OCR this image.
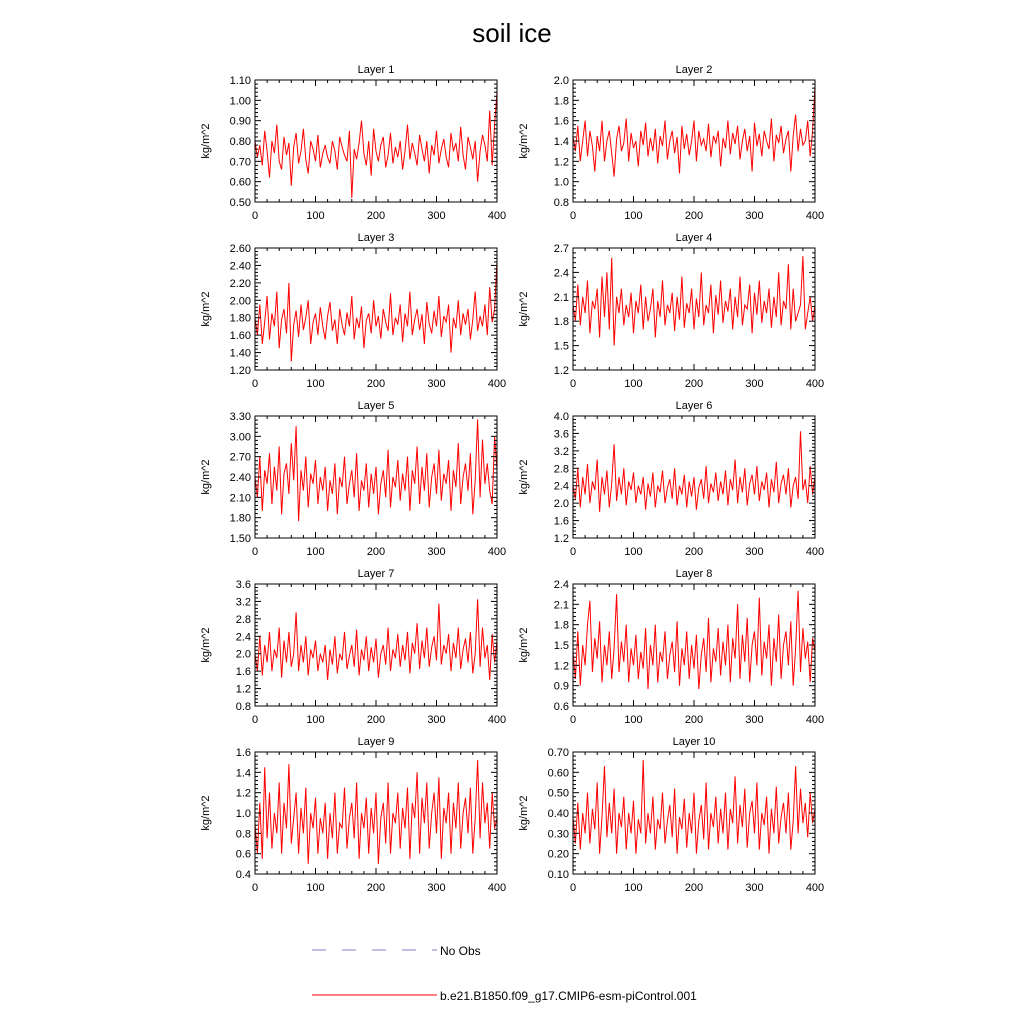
soil ice
Layer 1
kg/m^2
0	100	200	300	400
0.50
0.60
0.70
0.80
0.90
1.00
1.10
Layer 2
kg/m^2
0	100	200	300	400
0.8
1.0
1.2
1.4
1.6
1.8
2.0
Layer 3
kg/m^2
0	100	200	300	400
1.20
1.40
1.60
1.80
2.00
2.20
2.40
2.60
Layer 4
kg/m^2
0	100	200	300	400
1.2
1.5
1.8
2.1
2.4
2.7
Layer 5
kg/m^2
0	100	200	300	400
1.50
1.80
2.10
2.40
2.70
3.00
3.30
Layer 6
kg/m^2
0	100	200	300	400
1.2
1.6
2.0
2.4
2.8
3.2
3.6
4.0
Layer 7
kg/m^2
0	100	200	300	400
0.8
1.2
1.6
2.0
2.4
2.8
3.2
3.6
Layer 8
kg/m^2
0	100	200	300	400
0.6
0.9
1.2
1.5
1.8
2.1
2.4
Layer 9
kg/m^2
0	100	200	300	400
0.4
0.6
0.8
1.0
1.2
1.4
1.6
Layer 10
kg/m^2
0	100	200	300	400
0.10
0.20
0.30
0.40
0.50
0.60
0.70
No Obs
b.e21.B1850.f09_g17.CMIP6-esm-piControl.001
